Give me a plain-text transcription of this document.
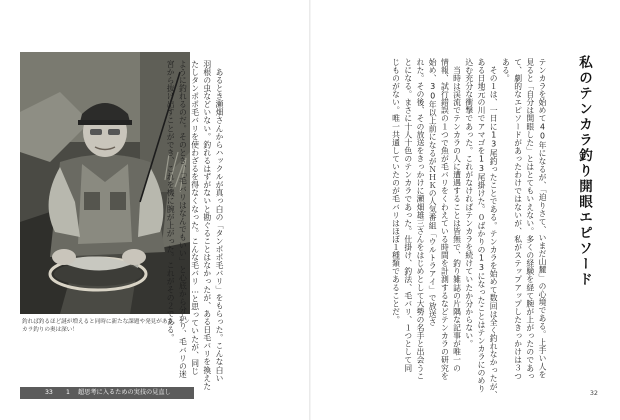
釣れば釣るほど謎が増えると同時に新たな課題や発見がある。テンカラ釣りの奥は深い！	　あるとき瀬畑さんからハックルが真っ白の「タンポポ毛バリ」をもらった。こんな白い
羽根の虫などいない。釣れるはずがないと勘ぐることはなかったが、ある日毛バリを換えた
たしタンポポ毛バリを使わざるを得なくなった。こんな毛バリ…と思っていたが、同じ
ように釣れるのだ。そのとき、「毛バリはなんでもいい」と心底から分かり、毛バリの迷
宮から抜け出すことができ、これを機に腕が上がった。これがその２である。
33 1 超思考に入るための実技の見直し
私のテンカラ釣り開眼エピソード
テンカラを始めて40年になるが、「迫りさて、いまだ山麓」の心境である。上手い人を
見ると「自分は開眼した」とはとてもいえない。多くの経験を経て腕が上がったのであっ
て、劇的なエピソードがあったわけではないが、私がステップアップしたきっかけは３つ
ある。
　その１は、一日に13尾釣ったことである。テンカラを始めて数回は全く釣れなかったが、
ある日地元の川でアマゴを13尾掛けた。０ばかりの13になったことはテンカラにのめり
込む充分な衝撃であった。これがなければテンカラを続けていたか分からない。
　当時は渓流でテンカラの人に遭遇することは皆無で、釣り雑誌の片隅な記事が唯一の
情報、試行錯誤の１つで魚が毛バリをくわえている時間を計測するなどテンカラの研究を
始め、30年以上前になるがＮＨＫの人気番組「ウルトラアイ」で放送さ
れた。その後、その放送をきっかけに瀬畑雄三さんをはじめとして大勢の名手と出会うこ
とになる。まさに十人十色のテンカラであった。仕掛け、釣法、毛バリ、１つとして同
じものがない。唯一共通していたのが毛バリはほぼ１種類であることだ。
32
